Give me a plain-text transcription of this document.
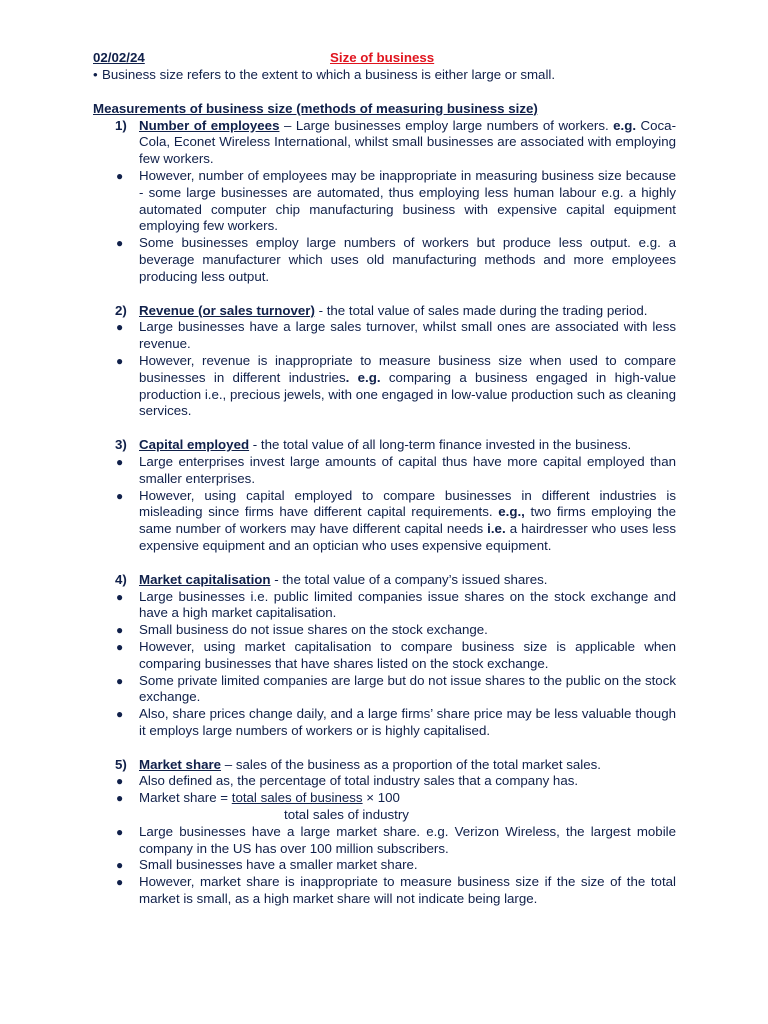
02/02/24	Size of business
• Business size refers to the extent to which a business is either large or small.
Measurements of business size (methods of measuring business size)
1) Number of employees – Large businesses employ large numbers of workers. e.g. Coca-Cola, Econet Wireless International, whilst small businesses are associated with employing few workers.
● However, number of employees may be inappropriate in measuring business size because - some large businesses are automated, thus employing less human labour e.g. a highly automated computer chip manufacturing business with expensive capital equipment employing few workers.
● Some businesses employ large numbers of workers but produce less output. e.g. a beverage manufacturer which uses old manufacturing methods and more employees producing less output.
2) Revenue (or sales turnover) - the total value of sales made during the trading period.
● Large businesses have a large sales turnover, whilst small ones are associated with less revenue.
● However, revenue is inappropriate to measure business size when used to compare businesses in different industries. e.g. comparing a business engaged in high-value production i.e., precious jewels, with one engaged in low-value production such as cleaning services.
3) Capital employed - the total value of all long-term finance invested in the business.
● Large enterprises invest large amounts of capital thus have more capital employed than smaller enterprises.
● However, using capital employed to compare businesses in different industries is misleading since firms have different capital requirements. e.g., two firms employing the same number of workers may have different capital needs i.e. a hairdresser who uses less expensive equipment and an optician who uses expensive equipment.
4) Market capitalisation - the total value of a company’s issued shares.
● Large businesses i.e. public limited companies issue shares on the stock exchange and have a high market capitalisation.
● Small business do not issue shares on the stock exchange.
● However, using market capitalisation to compare business size is applicable when comparing businesses that have shares listed on the stock exchange.
● Some private limited companies are large but do not issue shares to the public on the stock exchange.
● Also, share prices change daily, and a large firms’ share price may be less valuable though it employs large numbers of workers or is highly capitalised.
5) Market share – sales of the business as a proportion of the total market sales.
● Also defined as, the percentage of total industry sales that a company has.
● Market share = total sales of business × 100
total sales of industry
● Large businesses have a large market share. e.g. Verizon Wireless, the largest mobile company in the US has over 100 million subscribers.
● Small businesses have a smaller market share.
● However, market share is inappropriate to measure business size if the size of the total market is small, as a high market share will not indicate being large.
